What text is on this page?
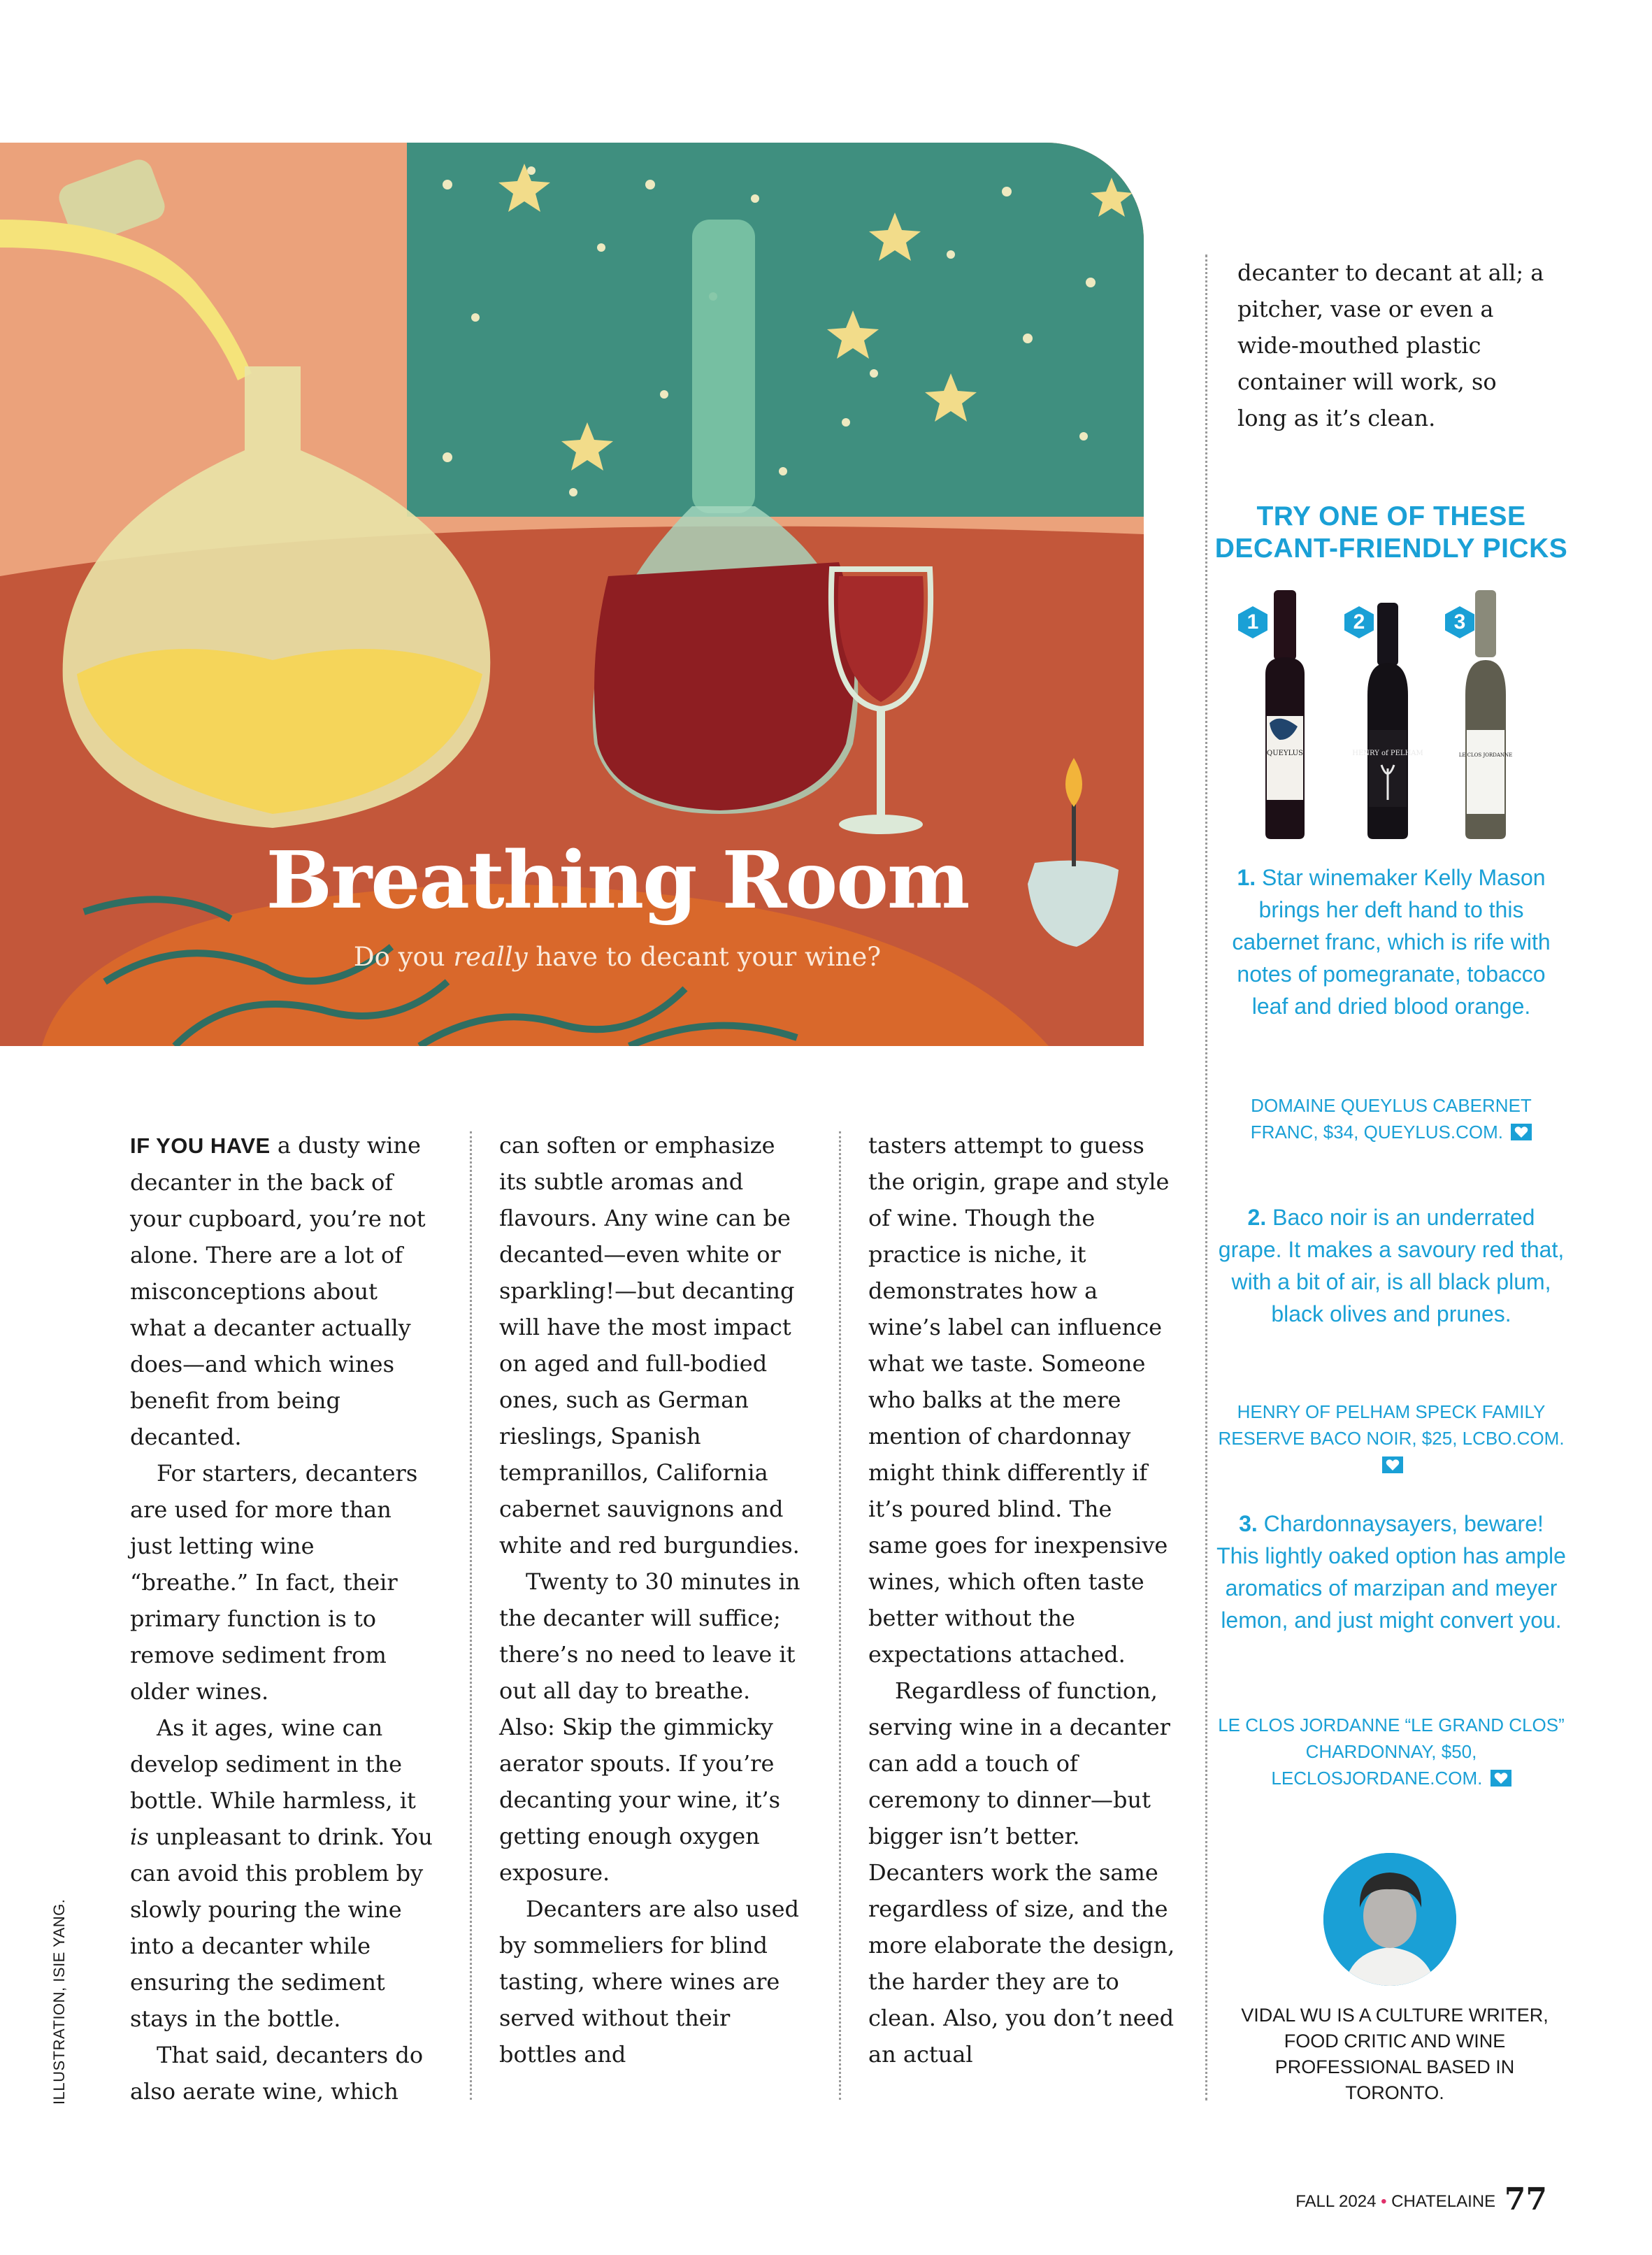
Breathing Room
Do you really have to decant your wine?

IF YOU HAVE a dusty wine decanter in the back of your cupboard, you’re not alone. There are a lot of misconceptions about what a decanter actually does—and which wines benefit from being decanted.

For starters, decanters are used for more than just letting wine “breathe.” In fact, their primary function is to remove sediment from older wines.

As it ages, wine can develop sediment in the bottle. While harmless, it is unpleasant to drink. You can avoid this problem by slowly pouring the wine into a decanter while ensuring the sediment stays in the bottle.

That said, decanters do also aerate wine, which

can soften or emphasize its subtle aromas and flavours. Any wine can be decanted—even white or sparkling!—but decanting will have the most impact on aged and full-bodied ones, such as German rieslings, Spanish tempranillos, California cabernet sauvignons and white and red burgundies.

Twenty to 30 minutes in the decanter will suffice; there’s no need to leave it out all day to breathe. Also: Skip the gimmicky aerator spouts. If you’re decanting your wine, it’s getting enough oxygen exposure.

Decanters are also used by sommeliers for blind tasting, where wines are served without their bottles and

tasters attempt to guess the origin, grape and style of wine. Though the practice is niche, it demonstrates how a wine’s label can influence what we taste. Someone who balks at the mere mention of chardonnay might think differently if it’s poured blind. The same goes for inexpensive wines, which often taste better without the expectations attached.

Regardless of function, serving wine in a decanter can add a touch of ceremony to dinner—but bigger isn’t better. Decanters work the same regardless of size, and the more elaborate the design, the harder they are to clean. Also, you don’t need an actual

decanter to decant at all; a pitcher, vase or even a wide-mouthed plastic container will work, so long as it’s clean.

TRY ONE OF THESE
DECANT-FRIENDLY PICKS
QUEYLUS	HENRY of PELHAM	LE CLOS JORDANNE
1	2	3
1. Star winemaker Kelly Mason brings her deft hand to this cabernet franc, which is rife with notes of pomegranate, tobacco leaf and dried blood orange.
DOMAINE QUEYLUS CABERNET FRANC, $34, QUEYLUS.COM.
2. Baco noir is an underrated grape. It makes a savoury red that, with a bit of air, is all black plum, black olives and prunes.
HENRY OF PELHAM SPECK FAMILY RESERVE BACO NOIR, $25, LCBO.COM.
3. Chardonnaysayers, beware! This lightly oaked option has ample aromatics of marzipan and meyer lemon, and just might convert you.
LE CLOS JORDANNE “LE GRAND CLOS” CHARDONNAY, $50, LECLOSJORDANE.COM.
VIDAL WU IS A CULTURE WRITER, FOOD CRITIC AND WINE PROFESSIONAL BASED IN TORONTO.
ILLUSTRATION, ISIE YANG.
FALL 2024 • CHATELAINE 77
